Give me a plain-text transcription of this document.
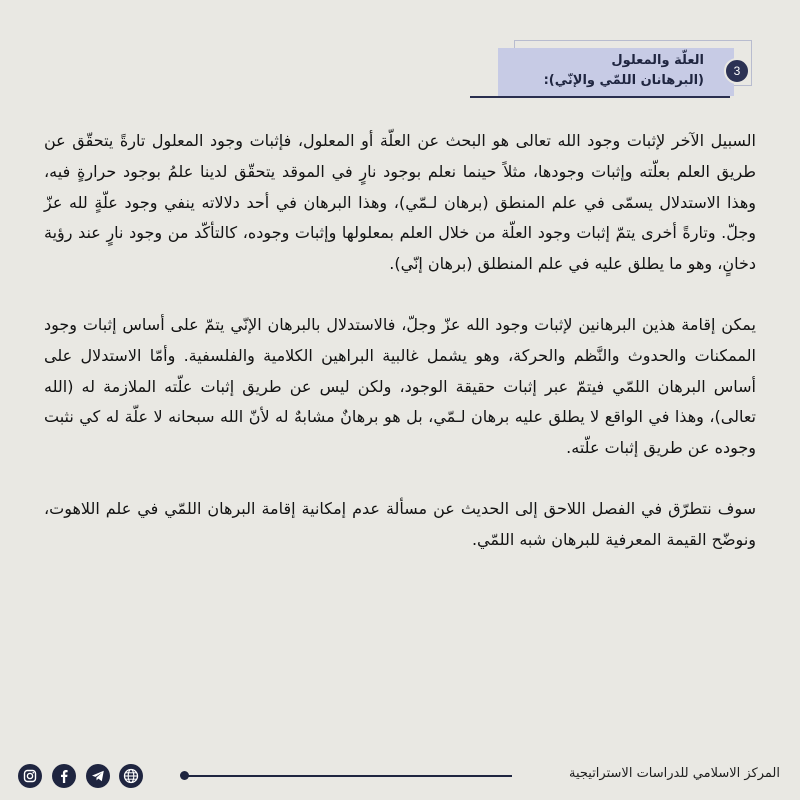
العلّة والمعلول
(البرهانان اللمّي والإنّي):
3

السبيل الآخر لإثبات وجود الله تعالى هو البحث عن العلّة أو المعلول، فإثبات وجود المعلول تارةً يتحقّق عن طريق العلم بعلّته وإثبات وجودها، مثلاً حينما نعلم بوجود نارٍ في الموقد يتحقّق لدينا علمُ بوجود حرارةٍ فيه، وهذا الاستدلال يسمّى في علم المنطق (برهان لـمّي)، وهذا البرهان في أحد دلالاته ينفي وجود علّةٍ لله عزّ وجلّ. وتارةً أخرى يتمّ إثبات وجود العلّة من خلال العلم بمعلولها وإثبات وجوده، كالتأكّد من وجود نارٍ عند رؤية دخانٍ، وهو ما يطلق عليه في علم المنطلق (برهان إنّي).

يمكن إقامة هذين البرهانين لإثبات وجود الله عزّ وجلّ، فالاستدلال بالبرهان الإنّي يتمّ على أساس إثبات وجود الممكنات والحدوث والنَّظم والحركة، وهو يشمل غالبية البراهين الكلامية والفلسفية. وأمّا الاستدلال على أساس البرهان اللمّي فيتمّ عبر إثبات حقيقة الوجود، ولكن ليس عن طريق إثبات علّته الملازمة له (الله تعالى)، وهذا في الواقع لا يطلق عليه برهان لـمّي، بل هو برهانٌ مشابهٌ له لأنّ الله سبحانه لا علّة له كي نثبت وجوده عن طريق إثبات علّته.

سوف نتطرّق في الفصل اللاحق إلى الحديث عن مسألة عدم إمكانية إقامة البرهان اللمّي في علم اللاهوت، ونوضّح القيمة المعرفية للبرهان شبه اللمّي.

المركز الاسلامي للدراسات الاستراتيجية
